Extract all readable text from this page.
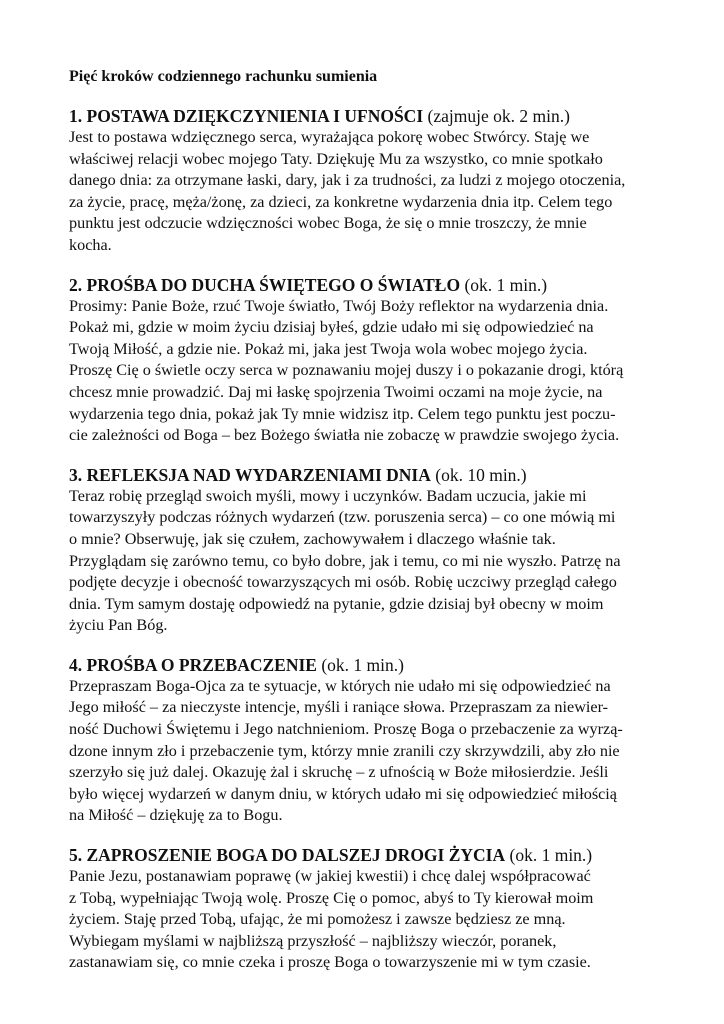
Pięć kroków codziennego rachunku sumienia

1. POSTAWA DZIĘKCZYNIENIA I UFNOŚCI (zajmuje ok. 2 min.)

Jest to postawa wdzięcznego serca, wyrażająca pokorę wobec Stwórcy. Staję we
właściwej relacji wobec mojego Taty. Dziękuję Mu za wszystko, co mnie spotkało
danego dnia: za otrzymane łaski, dary, jak i za trudności, za ludzi z mojego otoczenia,
za życie, pracę, męża/żonę, za dzieci, za konkretne wydarzenia dnia itp. Celem tego
punktu jest odczucie wdzięczności wobec Boga, że się o mnie troszczy, że mnie
kocha.

2. PROŚBA DO DUCHA ŚWIĘTEGO O ŚWIATŁO (ok. 1 min.)

Prosimy: Panie Boże, rzuć Twoje światło, Twój Boży reflektor na wydarzenia dnia.
Pokaż mi, gdzie w moim życiu dzisiaj byłeś, gdzie udało mi się odpowiedzieć na
Twoją Miłość, a gdzie nie. Pokaż mi, jaka jest Twoja wola wobec mojego życia.
Proszę Cię o świetle oczy serca w poznawaniu mojej duszy i o pokazanie drogi, którą
chcesz mnie prowadzić. Daj mi łaskę spojrzenia Twoimi oczami na moje życie, na
wydarzenia tego dnia, pokaż jak Ty mnie widzisz itp. Celem tego punktu jest poczu-
cie zależności od Boga – bez Bożego światła nie zobaczę w prawdzie swojego życia.

3. REFLEKSJA NAD WYDARZENIAMI DNIA (ok. 10 min.)

Teraz robię przegląd swoich myśli, mowy i uczynków. Badam uczucia, jakie mi
towarzyszyły podczas różnych wydarzeń (tzw. poruszenia serca) – co one mówią mi
o mnie? Obserwuję, jak się czułem, zachowywałem i dlaczego właśnie tak.
Przyglądam się zarówno temu, co było dobre, jak i temu, co mi nie wyszło. Patrzę na
podjęte decyzje i obecność towarzyszących mi osób. Robię uczciwy przegląd całego
dnia. Tym samym dostaję odpowiedź na pytanie, gdzie dzisiaj był obecny w moim
życiu Pan Bóg.

4. PROŚBA O PRZEBACZENIE (ok. 1 min.)

Przepraszam Boga-Ojca za te sytuacje, w których nie udało mi się odpowiedzieć na
Jego miłość – za nieczyste intencje, myśli i raniące słowa. Przepraszam za niewier-
ność Duchowi Świętemu i Jego natchnieniom. Proszę Boga o przebaczenie za wyrzą-
dzone innym zło i przebaczenie tym, którzy mnie zranili czy skrzywdzili, aby zło nie
szerzyło się już dalej. Okazuję żal i skruchę – z ufnością w Boże miłosierdzie. Jeśli
było więcej wydarzeń w danym dniu, w których udało mi się odpowiedzieć miłością
na Miłość – dziękuję za to Bogu.

5. ZAPROSZENIE BOGA DO DALSZEJ DROGI ŻYCIA (ok. 1 min.)

Panie Jezu, postanawiam poprawę (w jakiej kwestii) i chcę dalej współpracować
z Tobą, wypełniając Twoją wolę. Proszę Cię o pomoc, abyś to Ty kierował moim
życiem. Staję przed Tobą, ufając, że mi pomożesz i zawsze będziesz ze mną.
Wybiegam myślami w najbliższą przyszłość – najbliższy wieczór, poranek,
zastanawiam się, co mnie czeka i proszę Boga o towarzyszenie mi w tym czasie.
